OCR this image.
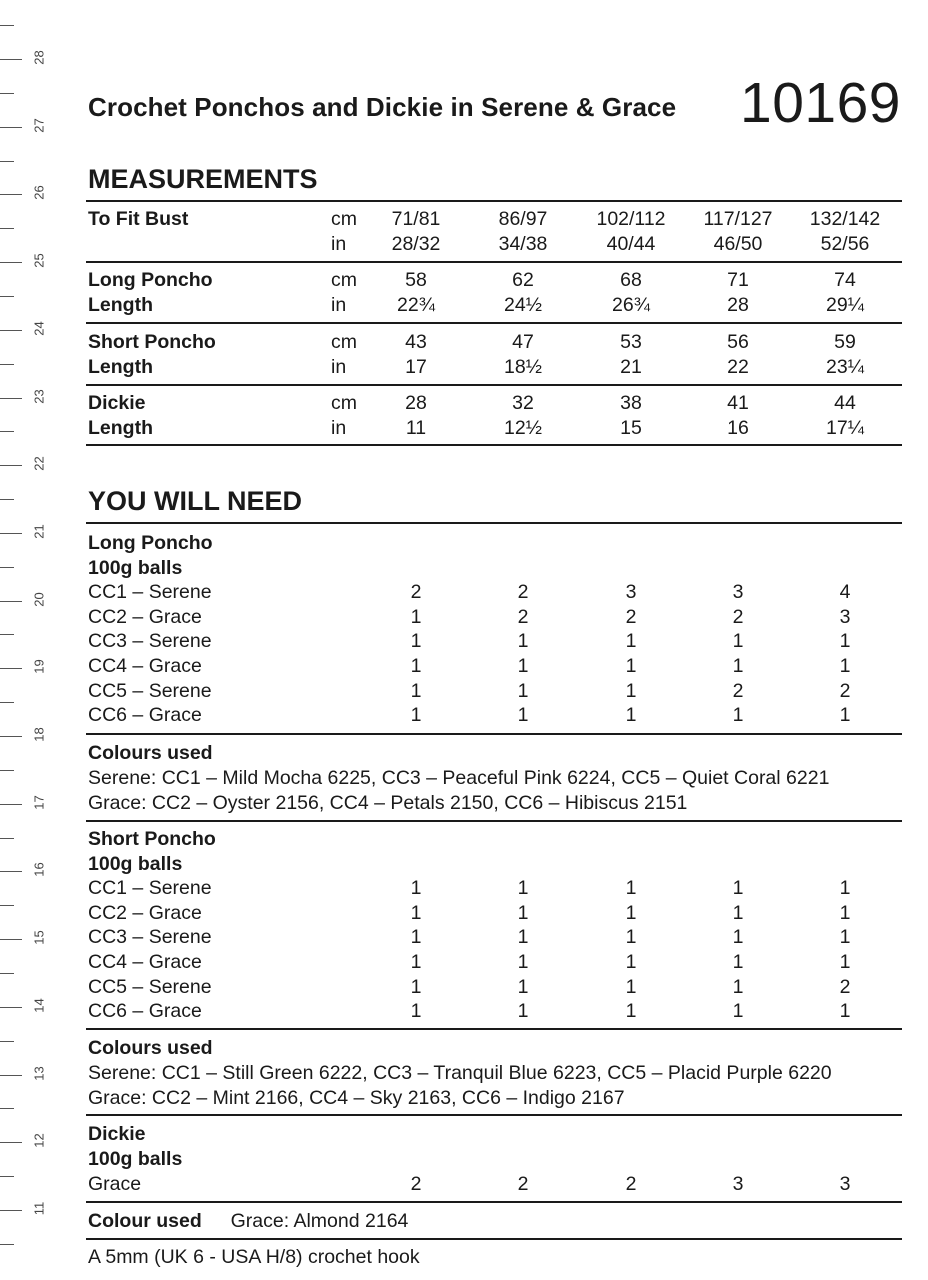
28
27
26
25
24
23
22
21
20
19
18
17
16
15
14
13
12
11
Crochet Ponchos and Dickie in Serene & Grace 10169
MEASUREMENTS
To Fit Bust	cm	71/81	86/97	102/112 117/127 132/142
in	28/32	34/38	40/44	46/50	52/56
Long Poncho	cm	58	62	68	71	74
Length	in	22¾	24½	26¾	28	29¼
Short Poncho	cm	43	47	53	56	59
Length	in	17	18½	21	22	23¼
Dickie	cm	28	32	38	41	44
Length	in	11	12½	15	16	17¼
YOU WILL NEED
Long Poncho
100g balls
CC1 – Serene	2	2	3	3	4
CC2 – Grace	1	2	2	2	3
CC3 – Serene	1	1	1	1	1
CC4 – Grace	1	1	1	1	1
CC5 – Serene	1	1	1	2	2
CC6 – Grace	1	1	1	1	1
Colours used
Serene: CC1 – Mild Mocha 6225, CC3 – Peaceful Pink 6224, CC5 – Quiet Coral 6221
Grace: CC2 – Oyster 2156, CC4 – Petals 2150, CC6 – Hibiscus 2151
Short Poncho
100g balls
CC1 – Serene	1	1	1	1	1
CC2 – Grace	1	1	1	1	1
CC3 – Serene	1	1	1	1	1
CC4 – Grace	1	1	1	1	1
CC5 – Serene	1	1	1	1	2
CC6 – Grace	1	1	1	1	1
Colours used
Serene: CC1 – Still Green 6222, CC3 – Tranquil Blue 6223, CC5 – Placid Purple 6220
Grace: CC2 – Mint 2166, CC4 – Sky 2163, CC6 – Indigo 2167
Dickie
100g balls
Grace	2	2	2	3	3
Colour used Grace: Almond 2164
A 5mm (UK 6 - USA H/8) crochet hook
